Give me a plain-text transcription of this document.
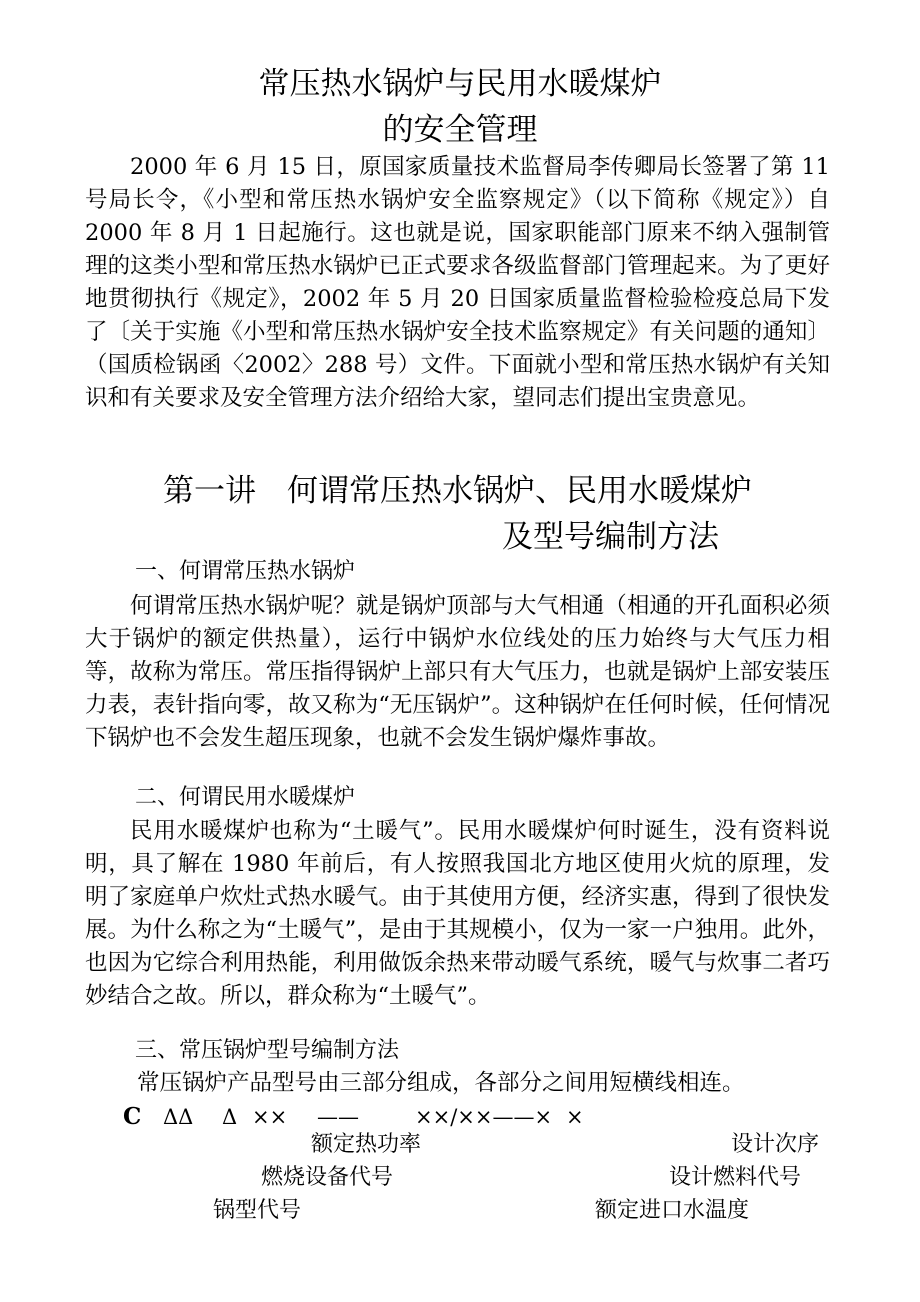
常压热水锅炉与民用水暖煤炉
的安全管理

2000 年 6 月 15 日，原国家质量技术监督局李传卿局长签署了第 11 号局长令，《小型和常压热水锅炉安全监察规定》（以下简称《规定》）自 2000 年 8 月 1 日起施行。这也就是说，国家职能部门原来不纳入强制管理的这类小型和常压热水锅炉已正式要求各级监督部门管理起来。为了更好地贯彻执行《规定》，2002 年 5 月 20 日国家质量监督检验检疫总局下发了〔关于实施《小型和常压热水锅炉安全技术监察规定》有关问题的通知〕（国质检锅函〈2002〉288 号）文件。下面就小型和常压热水锅炉有关知识和有关要求及安全管理方法介绍给大家，望同志们提出宝贵意见。

第一讲　何谓常压热水锅炉、民用水暖煤炉
及型号编制方法
一、何谓常压热水锅炉

何谓常压热水锅炉呢？就是锅炉顶部与大气相通（相通的开孔面积必须大于锅炉的额定供热量），运行中锅炉水位线处的压力始终与大气压力相等，故称为常压。常压指得锅炉上部只有大气压力，也就是锅炉上部安装压力表，表针指向零，故又称为“无压锅炉”。这种锅炉在任何时候，任何情况下锅炉也不会发生超压现象，也就不会发生锅炉爆炸事故。

二、何谓民用水暖煤炉

民用水暖煤炉也称为“土暖气”。民用水暖煤炉何时诞生，没有资料说明，具了解在 1980 年前后，有人按照我国北方地区使用火炕的原理，发明了家庭单户炊灶式热水暖气。由于其使用方便，经济实惠，得到了很快发展。为什么称之为“土暖气”，是由于其规模小，仅为一家一户独用。此外，也因为它综合利用热能，利用做饭余热来带动暖气系统，暖气与炊事二者巧妙结合之故。所以，群众称为“土暖气”。

三、常压锅炉型号编制方法
常压锅炉产品型号由三部分组成，各部分之间用短横线相连。
C ΔΔ Δ ×× ——	××/××——× ×
额定热功率	设计次序
燃烧设备代号	设计燃料代号
锅型代号	额定进口水温度
